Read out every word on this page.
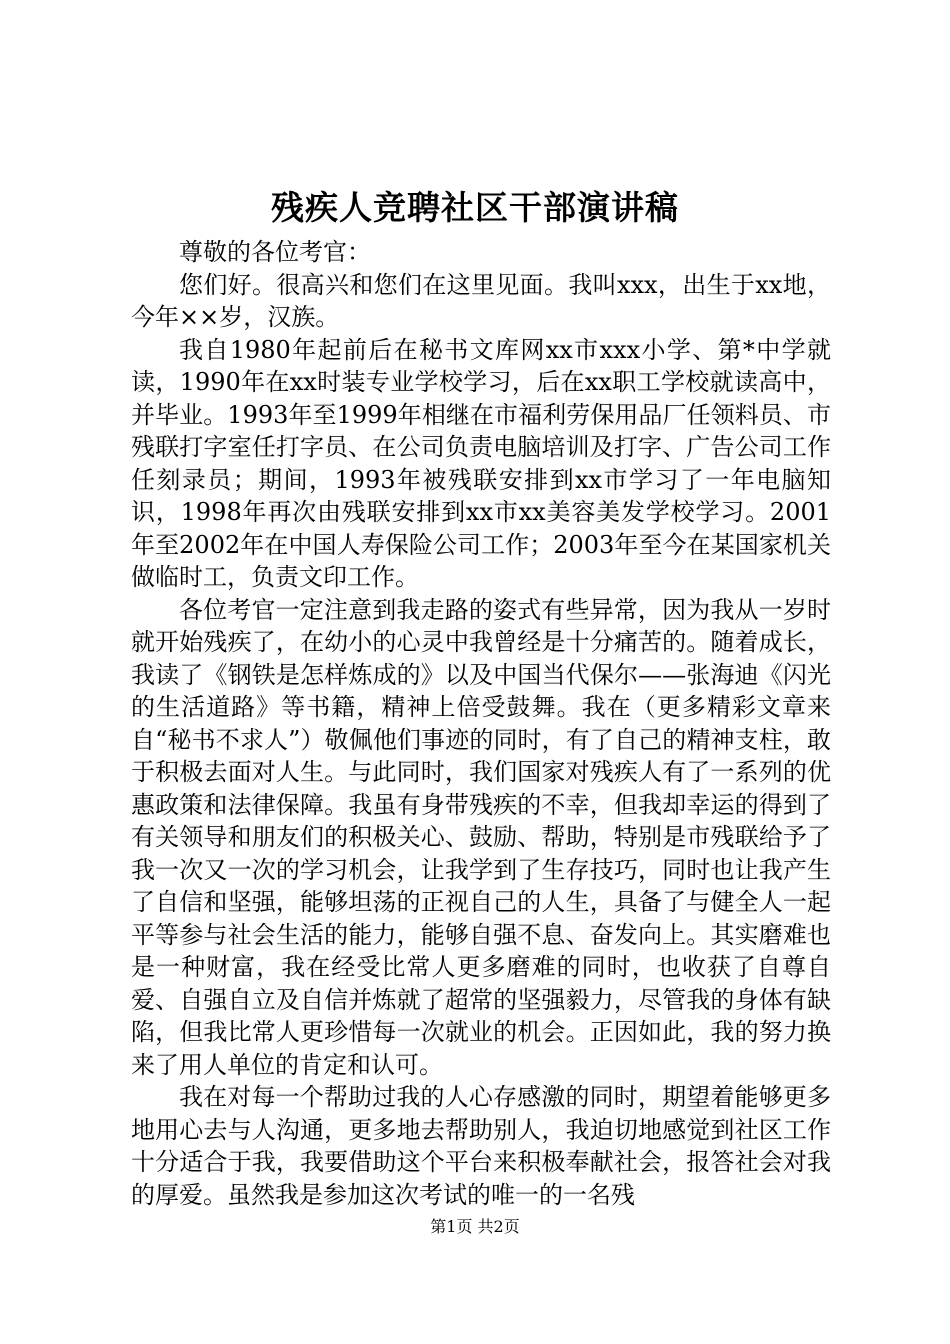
残疾人竞聘社区干部演讲稿

尊敬的各位考官：

您们好。很高兴和您们在这里见面。我叫xxx，出生于xx地，今年××岁，汉族。

我自1980年起前后在秘书文库网xx市xxx小学、第*中学就读，1990年在xx时装专业学校学习，后在xx职工学校就读高中，并毕业。1993年至1999年相继在市福利劳保用品厂任领料员、市残联打字室任打字员、在公司负责电脑培训及打字、广告公司工作任刻录员；期间，1993年被残联安排到xx市学习了一年电脑知识，1998年再次由残联安排到xx市xx美容美发学校学习。2001年至2002年在中国人寿保险公司工作；2003年至今在某国家机关做临时工，负责文印工作。

各位考官一定注意到我走路的姿式有些异常，因为我从一岁时就开始残疾了，在幼小的心灵中我曾经是十分痛苦的。随着成长，我读了《钢铁是怎样炼成的》以及中国当代保尔——张海迪《闪光的生活道路》等书籍，精神上倍受鼓舞。我在（更多精彩文章来自“秘书不求人”）敬佩他们事迹的同时，有了自己的精神支柱，敢于积极去面对人生。与此同时，我们国家对残疾人有了一系列的优惠政策和法律保障。我虽有身带残疾的不幸，但我却幸运的得到了有关领导和朋友们的积极关心、鼓励、帮助，特别是市残联给予了我一次又一次的学习机会，让我学到了生存技巧，同时也让我产生了自信和坚强，能够坦荡的正视自己的人生，具备了与健全人一起平等参与社会生活的能力，能够自强不息、奋发向上。其实磨难也是一种财富，我在经受比常人更多磨难的同时，也收获了自尊自爱、自强自立及自信并炼就了超常的坚强毅力，尽管我的身体有缺陷，但我比常人更珍惜每一次就业的机会。正因如此，我的努力换来了用人单位的肯定和认可。

我在对每一个帮助过我的人心存感激的同时，期望着能够更多地用心去与人沟通，更多地去帮助别人，我迫切地感觉到社区工作十分适合于我，我要借助这个平台来积极奉献社会，报答社会对我的厚爱。虽然我是参加这次考试的唯一的一名残

第1页 共2页
